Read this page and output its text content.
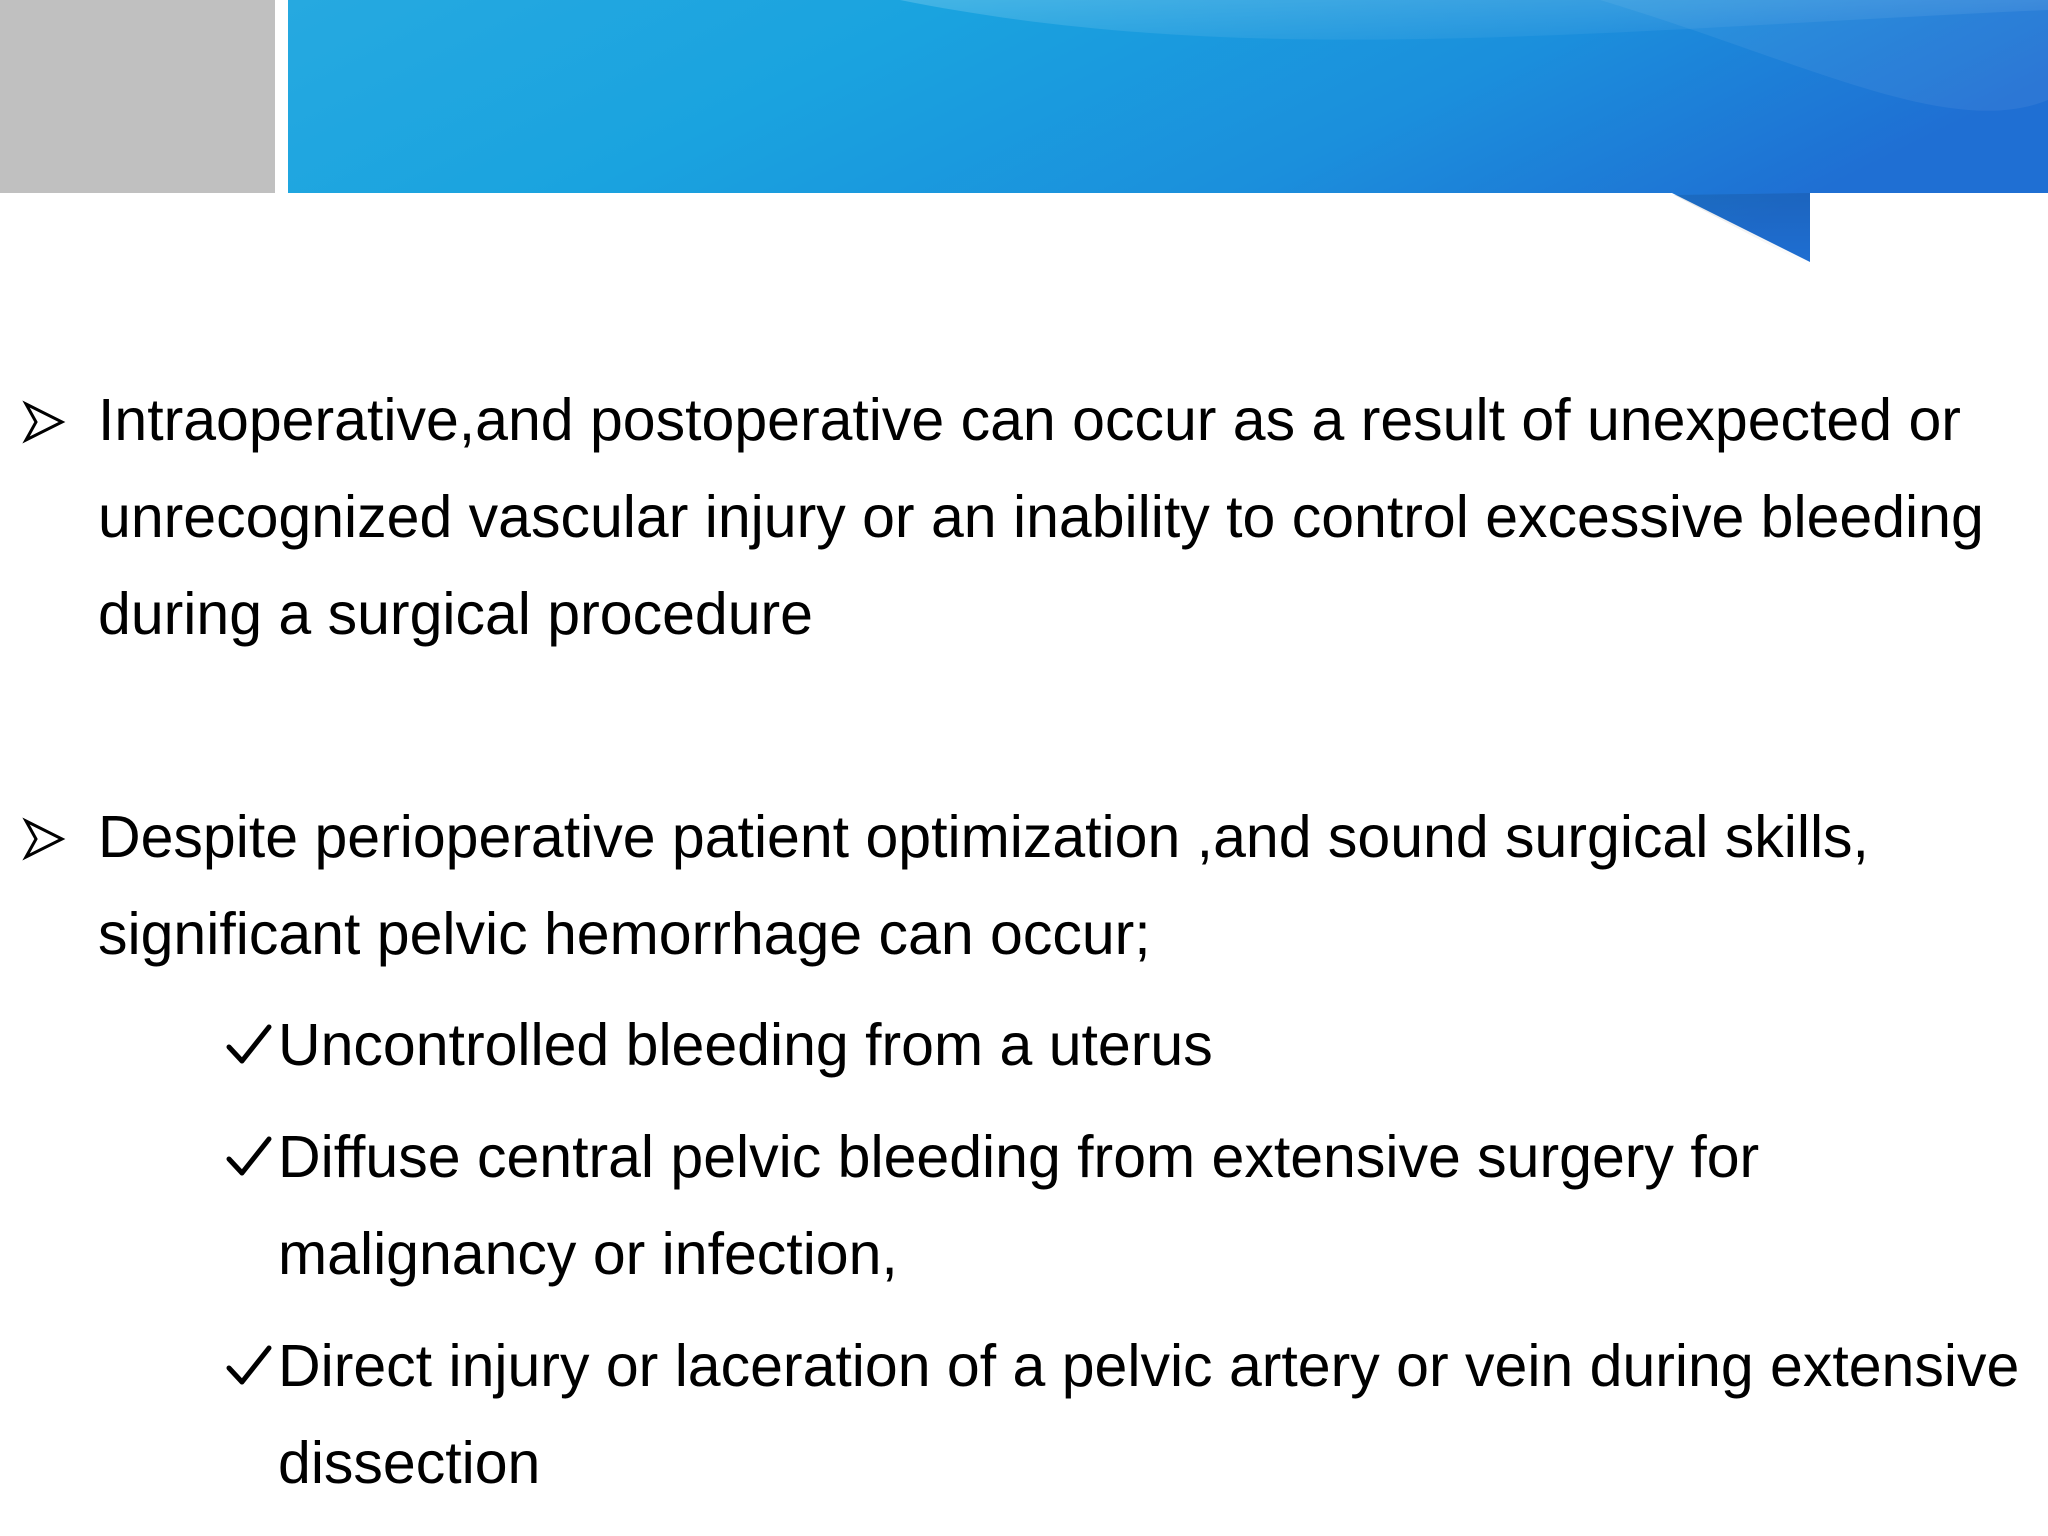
Intraoperative,and postoperative can occur as a result of unexpected or unrecognized vascular injury or an inability to control excessive bleeding during a surgical procedure
Despite perioperative patient optimization ,and sound surgical skills, significant pelvic hemorrhage can occur;
Uncontrolled bleeding from a uterus
Diffuse central pelvic bleeding from extensive surgery for malignancy or infection,
Direct injury or laceration of a pelvic artery or vein during extensive dissection
